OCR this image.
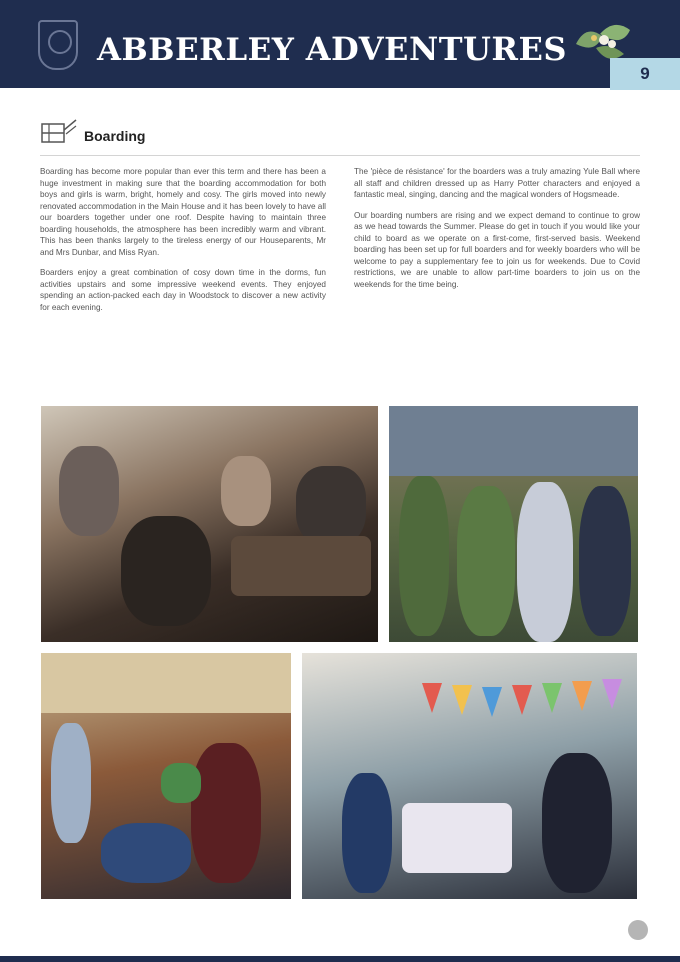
ABBERLEY ADVENTURES
9
Boarding

Boarding has become more popular than ever this term and there has been a huge investment in making sure that the boarding accommodation for both boys and girls is warm, bright, homely and cosy. The girls moved into newly renovated accommodation in the Main House and it has been lovely to have all our boarders together under one roof. Despite having to maintain three boarding households, the atmosphere has been incredibly warm and vibrant. This has been thanks largely to the tireless energy of our Houseparents, Mr and Mrs Dunbar, and Miss Ryan.

Boarders enjoy a great combination of cosy down time in the dorms, fun activities upstairs and some impressive weekend events. They enjoyed spending an action-packed each day in Woodstock to discover a new activity for each evening.

The 'pièce de résistance' for the boarders was a truly amazing Yule Ball where all staff and children dressed up as Harry Potter characters and enjoyed a fantastic meal, singing, dancing and the magical wonders of Hogsmeade.

Our boarding numbers are rising and we expect demand to continue to grow as we head towards the Summer. Please do get in touch if you would like your child to board as we operate on a first-come, first-served basis. Weekend boarding has been set up for full boarders and for weekly boarders who will be welcome to pay a supplementary fee to join us for weekends. Due to Covid restrictions, we are unable to allow part-time boarders to join us on the weekends for the time being.
